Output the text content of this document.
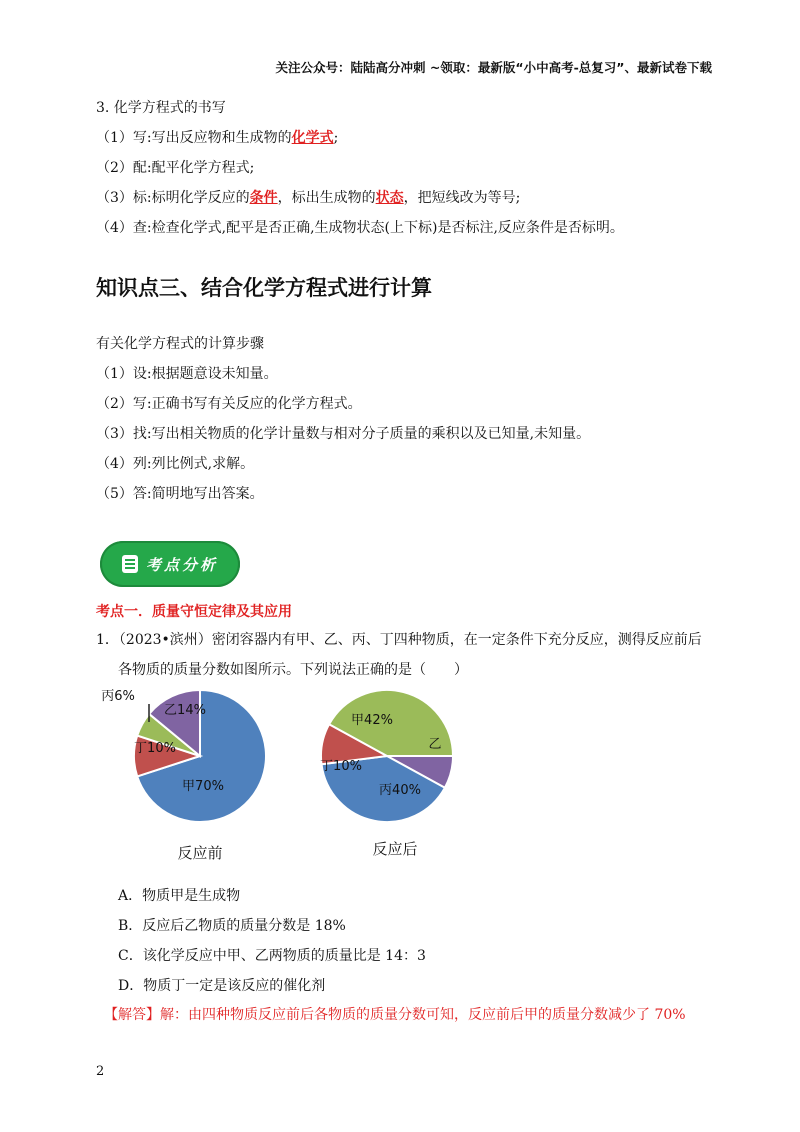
关注公众号：陆陆高分冲刺 ~领取：最新版“小中高考-总复习”、最新试卷下载
3. 化学方程式的书写
（1）写:写出反应物和生成物的化学式;
（2）配:配平化学方程式;
（3）标:标明化学反应的条件，标出生成物的状态，把短线改为等号;
（4）查:检查化学式,配平是否正确,生成物状态(上下标)是否标注,反应条件是否标明。
知识点三、结合化学方程式进行计算
有关化学方程式的计算步骤
（1）设:根据题意设未知量。
（2）写:正确书写有关反应的化学方程式。
（3）找:写出相关物质的化学计量数与相对分子质量的乘积以及已知量,未知量。
（4）列:列比例式,求解。
（5）答:简明地写出答案。
考点分析
考点一．质量守恒定律及其应用
1．（2023•滨州）密闭容器内有甲、乙、丙、丁四种物质，在一定条件下充分反应，测得反应前后
各物质的质量分数如图所示。下列说法正确的是（　　）
甲70%
丁10%
丙6%
乙14%
乙
丙40%
丁10%
甲42%
反应前	反应后
A．物质甲是生成物
B．反应后乙物质的质量分数是 18%
C．该化学反应中甲、乙两物质的质量比是 14：3
D．物质丁一定是该反应的催化剂
【解答】解：由四种物质反应前后各物质的质量分数可知，反应前后甲的质量分数减少了 70%
2
